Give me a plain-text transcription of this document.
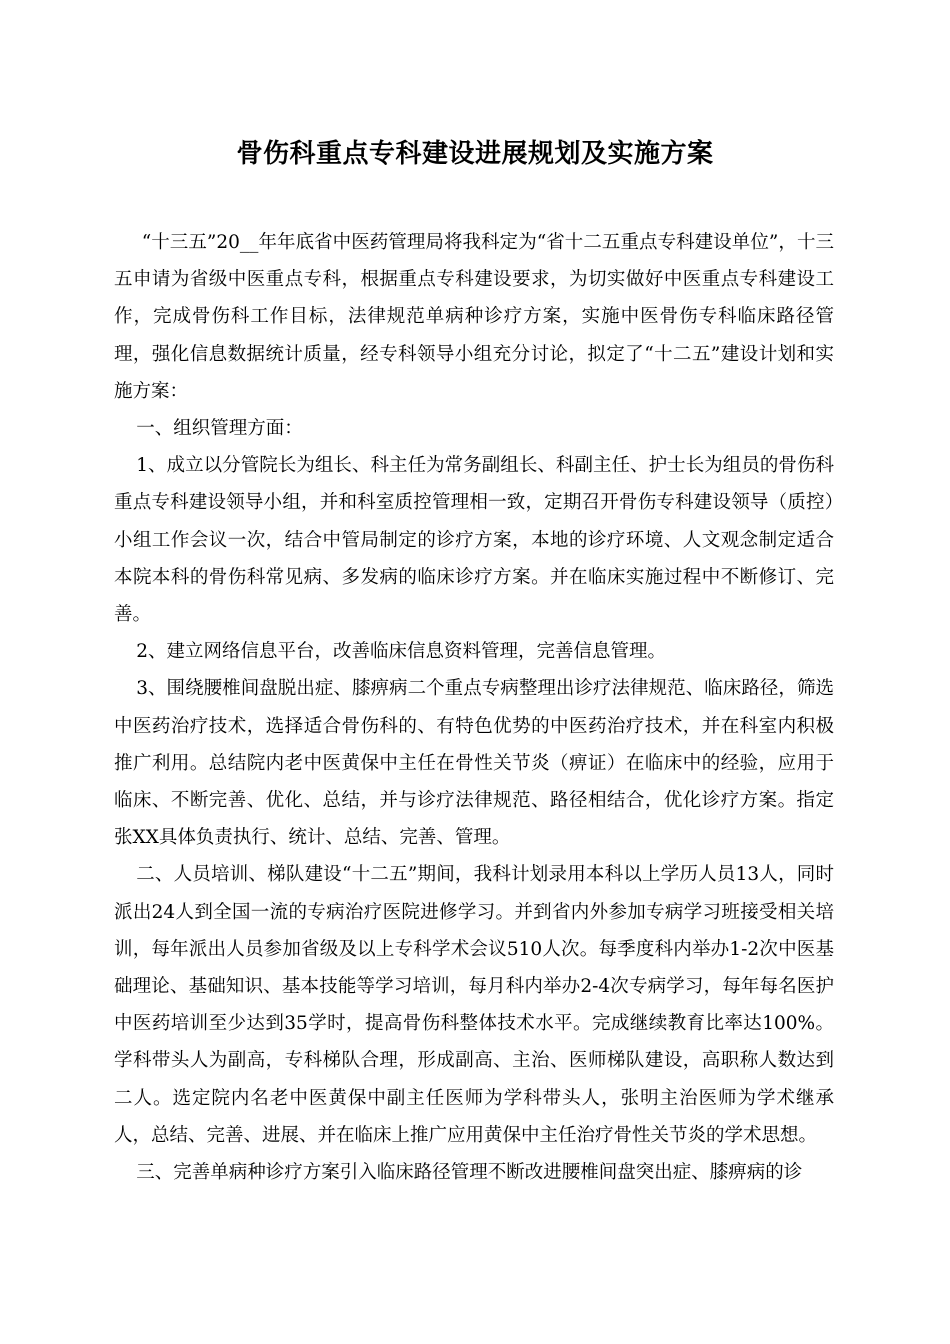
骨伤科重点专科建设进展规划及实施方案

“十三五”20__年年底省中医药管理局将我科定为“省十二五重点专科建设单位”，十三五申请为省级中医重点专科，根据重点专科建设要求，为切实做好中医重点专科建设工作，完成骨伤科工作目标，法律规范单病种诊疗方案，实施中医骨伤专科临床路径管理，强化信息数据统计质量，经专科领导小组充分讨论，拟定了“十二五”建设计划和实施方案：

一、组织管理方面：

1、成立以分管院长为组长、科主任为常务副组长、科副主任、护士长为组员的骨伤科重点专科建设领导小组，并和科室质控管理相一致，定期召开骨伤专科建设领导（质控）小组工作会议一次，结合中管局制定的诊疗方案，本地的诊疗环境、人文观念制定适合本院本科的骨伤科常见病、多发病的临床诊疗方案。并在临床实施过程中不断修订、完善。

2、建立网络信息平台，改善临床信息资料管理，完善信息管理。

3、围绕腰椎间盘脱出症、膝痹病二个重点专病整理出诊疗法律规范、临床路径，筛选中医药治疗技术，选择适合骨伤科的、有特色优势的中医药治疗技术，并在科室内积极推广利用。总结院内老中医黄保中主任在骨性关节炎（痹证）在临床中的经验，应用于临床、不断完善、优化、总结，并与诊疗法律规范、路径相结合，优化诊疗方案。指定张XX具体负责执行、统计、总结、完善、管理。

二、人员培训、梯队建设“十二五”期间，我科计划录用本科以上学历人员13人，同时派出24人到全国一流的专病治疗医院进修学习。并到省内外参加专病学习班接受相关培训，每年派出人员参加省级及以上专科学术会议510人次。每季度科内举办1-2次中医基础理论、基础知识、基本技能等学习培训，每月科内举办2-4次专病学习，每年每名医护中医药培训至少达到35学时，提高骨伤科整体技术水平。完成继续教育比率达100%。学科带头人为副高，专科梯队合理，形成副高、主治、医师梯队建设，高职称人数达到二人。选定院内名老中医黄保中副主任医师为学科带头人，张明主治医师为学术继承人，总结、完善、进展、并在临床上推广应用黄保中主任治疗骨性关节炎的学术思想。

三、完善单病种诊疗方案引入临床路径管理不断改进腰椎间盘突出症、膝痹病的诊
